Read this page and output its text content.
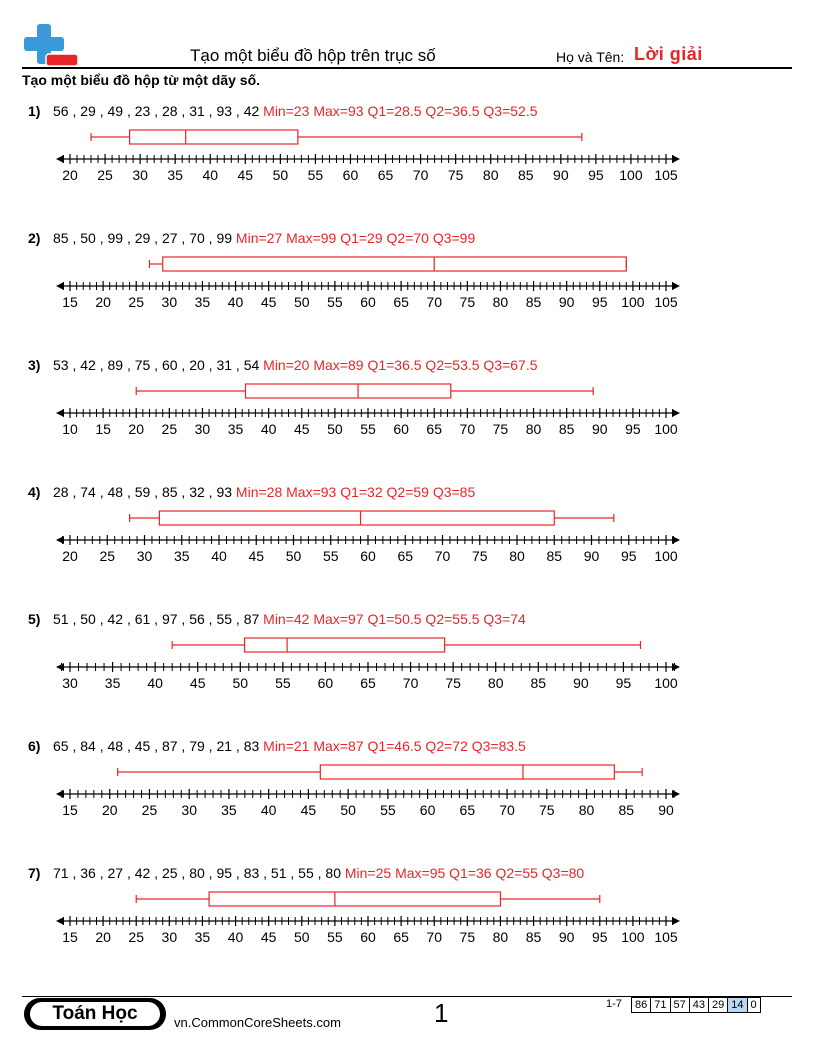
Tạo một biểu đồ hộp trên trục số	Họ và Tên: Lời giải
Tạo một biểu đồ hộp từ một dãy số.
1) 56 , 29 , 49 , 23 , 28 , 31 , 93 , 42 Min=23 Max=93 Q1=28.5 Q2=36.5 Q3=52.5
20 25 30 35 40 45 50 55 60 65 70 75 80 85 90 95 100 105
2) 85 , 50 , 99 , 29 , 27 , 70 , 99 Min=27 Max=99 Q1=29 Q2=70 Q3=99
15 20 25 30 35 40 45 50 55 60 65 70 75 80 85 90 95 100 105
3) 53 , 42 , 89 , 75 , 60 , 20 , 31 , 54 Min=20 Max=89 Q1=36.5 Q2=53.5 Q3=67.5
10 15 20 25 30 35 40 45 50 55 60 65 70 75 80 85 90 95 100
4) 28 , 74 , 48 , 59 , 85 , 32 , 93 Min=28 Max=93 Q1=32 Q2=59 Q3=85
20 25 30 35 40 45 50 55 60 65 70 75 80 85 90 95 100
5) 51 , 50 , 42 , 61 , 97 , 56 , 55 , 87 Min=42 Max=97 Q1=50.5 Q2=55.5 Q3=74
30 35 40 45 50 55 60 65 70 75 80 85 90 95 100
6) 65 , 84 , 48 , 45 , 87 , 79 , 21 , 83 Min=21 Max=87 Q1=46.5 Q2=72 Q3=83.5
15 20 25 30 35 40 45 50 55 60 65 70 75 80 85 90
7) 71 , 36 , 27 , 42 , 25 , 80 , 95 , 83 , 51 , 55 , 80 Min=25 Max=95 Q1=36 Q2=55 Q3=80
15 20 25 30 35 40 45 50 55 60 65 70 75 80 85 90 95 100 105
Toán Học	vn.CommonCoreSheets.com	1	1-7	86 71 57 43 29 14 0
